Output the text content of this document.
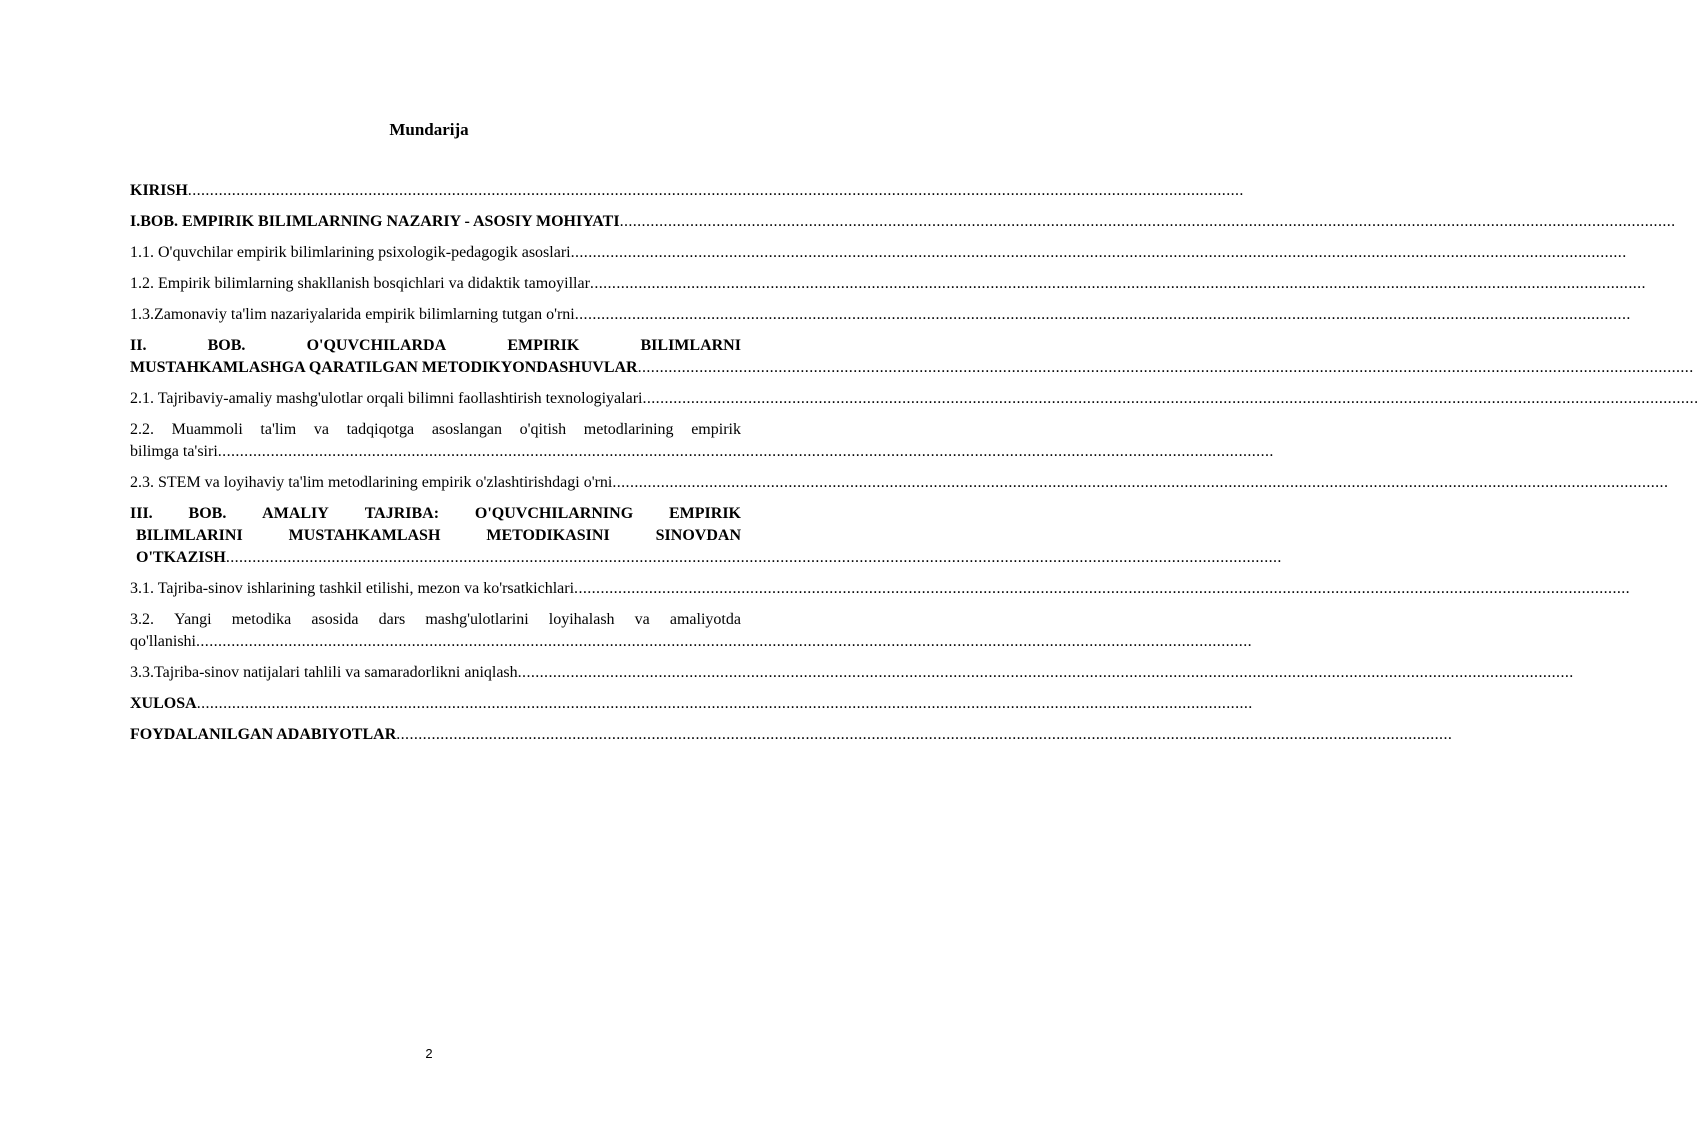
Mundarija
KIRISH ................................................................................................................................................................................................................................................
I.BOB. EMPIRIK BILIMLARNING NAZARIY - ASOSIY MOHIYATI ................................................................................................................................................................................................................................................
1.1. O'quvchilar empirik bilimlarining psixologik-pedagogik asoslari ................................................................................................................................................................................................................................................
1.2. Empirik bilimlarning shakllanish bosqichlari va didaktik tamoyillar ................................................................................................................................................................................................................................................
1.3.Zamonaviy ta'lim nazariyalarida empirik bilimlarning tutgan o'rni ................................................................................................................................................................................................................................................
II.	BOB.	O'QUVCHILARDA	EMPIRIK	BILIMLARNI
MUSTAHKAMLASHGA QARATILGAN METODIKYONDASHUVLAR ................................................................................................................................................................................................................................................
2.1. Tajribaviy-amaliy mashg'ulotlar orqali bilimni faollashtirish texnologiyalari ................................................................................................................................................................................................................................................
2.2. Muammoli ta'lim va tadqiqotga asoslangan o'qitish metodlarining empirik
bilimga ta'siri ................................................................................................................................................................................................................................................
2.3. STEM va loyihaviy ta'lim metodlarining empirik o'zlashtirishdagi o'rni ................................................................................................................................................................................................................................................
III. BOB. AMALIY TAJRIBA: O'QUVCHILARNING EMPIRIK
BILIMLARINI	MUSTAHKAMLASH	METODIKASINI	SINOVDAN
O'TKAZISH ................................................................................................................................................................................................................................................
3.1. Tajriba-sinov ishlarining tashkil etilishi, mezon va ko'rsatkichlari ................................................................................................................................................................................................................................................
3.2. Yangi metodika asosida dars mashg'ulotlarini loyihalash va amaliyotda
qo'llanishi ................................................................................................................................................................................................................................................
3.3.Tajriba-sinov natijalari tahlili va samaradorlikni aniqlash ................................................................................................................................................................................................................................................
XULOSA ................................................................................................................................................................................................................................................
FOYDALANILGAN ADABIYOTLAR ................................................................................................................................................................................................................................................
2
